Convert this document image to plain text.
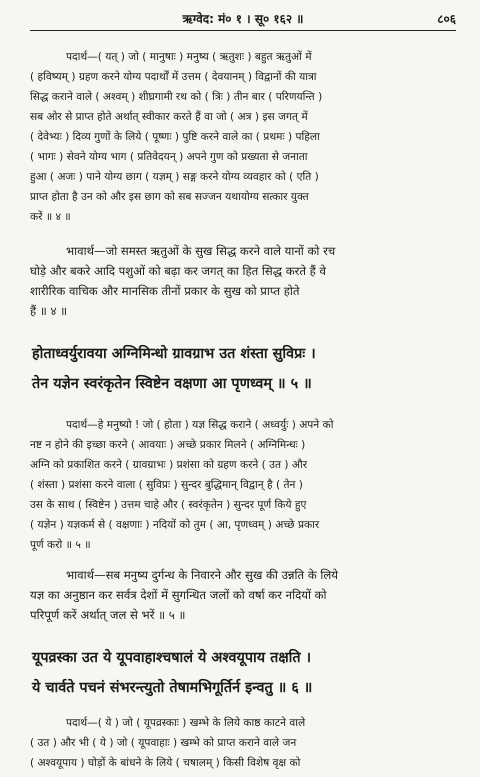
ऋग्वेद: मं० १ । सू० १६२ ॥	८०६
पदार्थ—( यत् ) जो ( मानुषाः ) मनुष्य ( ऋतुशः ) बहुत ऋतुओं में
( हविष्यम् ) ग्रहण करने योग्य पदार्थों में उत्तम ( देवयानम् ) विद्वानों की यात्रा
सिद्ध कराने वाले ( अश्वम् ) शीघ्रगामी रथ को ( त्रिः ) तीन बार ( परिणयन्ति )
सब ओर से प्राप्त होते अर्थात् स्वीकार करते हैं वा जो ( अत्र ) इस जगत् में
( देवेभ्यः ) दिव्य गुणों के लिये ( पूष्णः ) पुष्टि करने वाले का ( प्रथमः ) पहिला
( भागः ) सेवने योग्य भाग ( प्रतिवेदयन् ) अपने गुण को प्रख्यता से जनाता
हुआ ( अजः ) पाने योग्य छाग ( यज्ञम् ) सङ्ग करने योग्य व्यवहार को ( एति )
प्राप्त होता है उन को और इस छाग को सब सज्जन यथायोग्य सत्कार युक्त
करें ॥ ४ ॥
भावार्थ—जो समस्त ऋतुओं के सुख सिद्ध करने वाले यानों को रच
घोड़े और बकरे आदि पशुओं को बढ़ा कर जगत् का हित सिद्ध करते हैं वे
शारीरिक वाचिक और मानसिक तीनों प्रकार के सुख को प्राप्त होते
हैं ॥ ४ ॥
होताध्वर्युरावया अग्निमिन्धो ग्रावग्राभ उत शंस्ता सुविप्रः ।
तेन यज्ञेन स्वरंकृतेन स्विष्टेन वक्षणा आ पृणध्वम् ॥ ५ ॥
पदार्थ—हे मनुष्यो ! जो ( होता ) यज्ञ सिद्ध कराने ( अध्वर्युः ) अपने को
नष्ट न होने की इच्छा करने ( आवयाः ) अच्छे प्रकार मिलने ( अग्निमिन्धः )
अग्नि को प्रकाशित करने ( ग्रावग्राभः ) प्रशंसा को ग्रहण करने ( उत ) और
( शंस्ता ) प्रशंसा करने वाला ( सुविप्रः ) सुन्दर बुद्धिमान् विद्वान् है ( तेन )
उस के साथ ( स्विष्टेन ) उत्तम चाहे और ( स्वरंकृतेन ) सुन्दर पूर्ण किये हुए
( यज्ञेन ) यज्ञकर्म से ( वक्षणाः ) नदियों को तुम ( आ, पृणध्वम् ) अच्छे प्रकार
पूर्ण करो ॥ ५ ॥
भावार्थ—सब मनुष्य दुर्गन्ध के निवारने और सुख की उन्नति के लिये
यज्ञ का अनुष्ठान कर सर्वत्र देशों में सुगन्धित जलों को वर्षा कर नदियों को
परिपूर्ण करें अर्थात् जल से भरें ॥ ५ ॥
यूपव्रस्का उत ये यूपवाहाश्चषालं ये अश्वयूपाय तक्षति ।
ये चार्वते पचनं संभरन्त्युतो तेषामभिगूर्तिर्न इन्वतु ॥ ६ ॥
पदार्थ—( ये ) जो ( यूपव्रस्काः ) खम्भे के लिये काष्ठ काटने वाले
( उत ) और भी ( ये ) जो ( यूपवाहाः ) खम्भे को प्राप्त कराने वाले जन
( अश्वयूपाय ) घोड़ों के बांधने के लिये ( चषालम् ) किसी विशेष वृक्ष को
